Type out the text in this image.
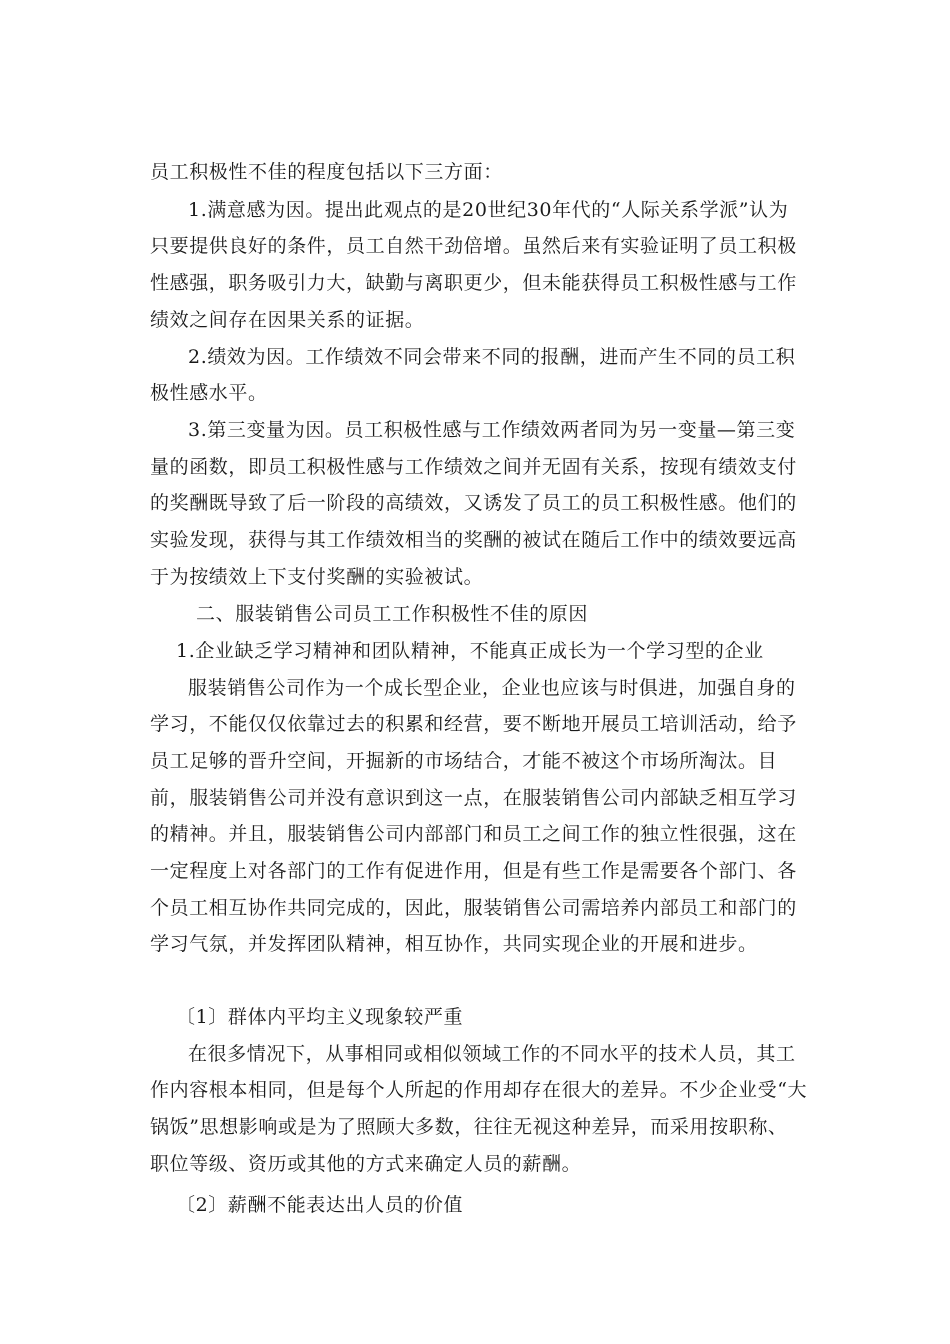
员工积极性不佳的程度包括以下三方面：
1.满意感为因。提出此观点的是20世纪30年代的“人际关系学派”认为
只要提供良好的条件，员工自然干劲倍增。虽然后来有实验证明了员工积极
性感强，职务吸引力大，缺勤与离职更少，但未能获得员工积极性感与工作
绩效之间存在因果关系的证据。
2.绩效为因。工作绩效不同会带来不同的报酬，进而产生不同的员工积
极性感水平。
3.第三变量为因。员工积极性感与工作绩效两者同为另一变量—第三变
量的函数，即员工积极性感与工作绩效之间并无固有关系，按现有绩效支付
的奖酬既导致了后一阶段的高绩效，又诱发了员工的员工积极性感。他们的
实验发现，获得与其工作绩效相当的奖酬的被试在随后工作中的绩效要远高
于为按绩效上下支付奖酬的实验被试。
二、服装销售公司员工工作积极性不佳的原因
1.企业缺乏学习精神和团队精神，不能真正成长为一个学习型的企业
服装销售公司作为一个成长型企业，企业也应该与时俱进，加强自身的
学习，不能仅仅依靠过去的积累和经营，要不断地开展员工培训活动，给予
员工足够的晋升空间，开掘新的市场结合，才能不被这个市场所淘汰。目
前，服装销售公司并没有意识到这一点，在服装销售公司内部缺乏相互学习
的精神。并且，服装销售公司内部部门和员工之间工作的独立性很强，这在
一定程度上对各部门的工作有促进作用，但是有些工作是需要各个部门、各
个员工相互协作共同完成的，因此，服装销售公司需培养内部员工和部门的
学习气氛，并发挥团队精神，相互协作，共同实现企业的开展和进步。
〔1〕群体内平均主义现象较严重
在很多情况下，从事相同或相似领域工作的不同水平的技术人员，其工
作内容根本相同，但是每个人所起的作用却存在很大的差异。不少企业受“大
锅饭”思想影响或是为了照顾大多数，往往无视这种差异，而采用按职称、
职位等级、资历或其他的方式来确定人员的薪酬。
〔2〕薪酬不能表达出人员的价值
